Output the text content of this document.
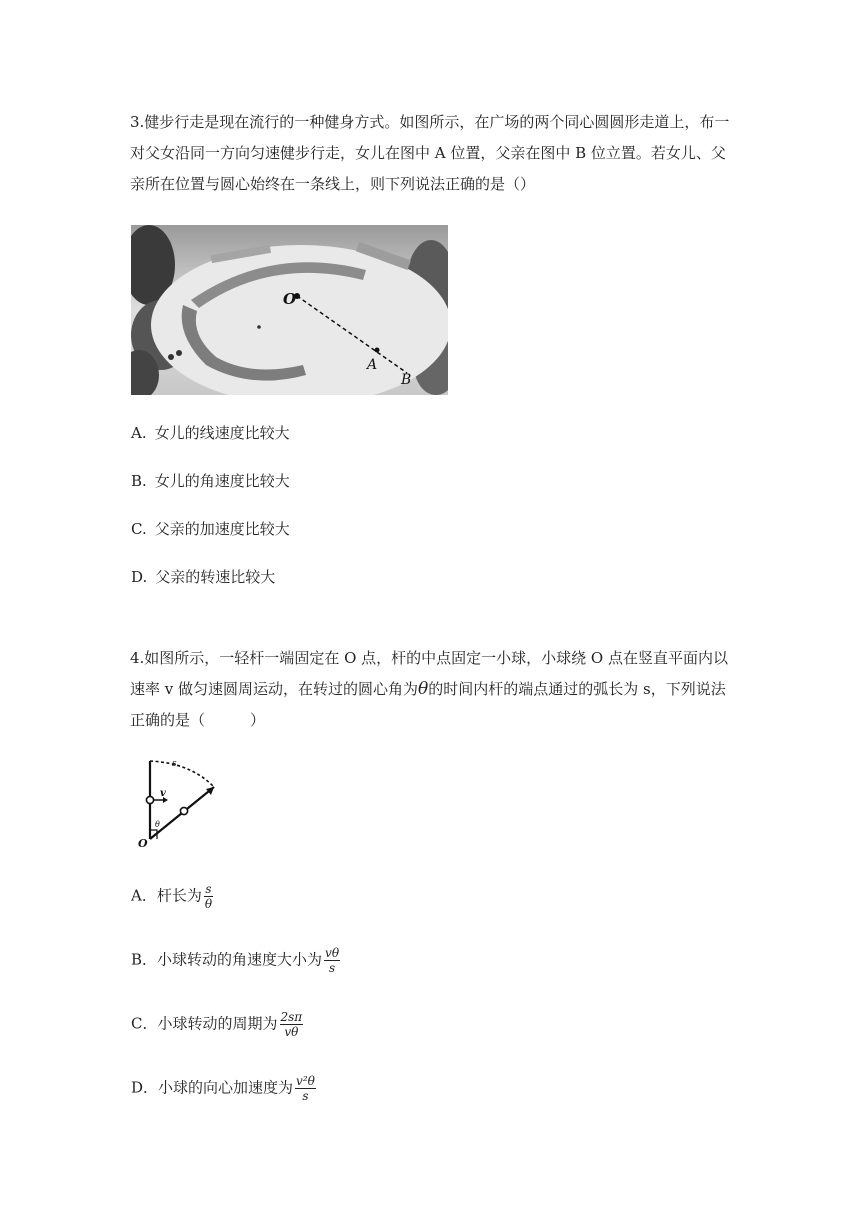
3.健步行走是现在流行的一种健身方式。如图所示，在广场的两个同心圆圆形走道上，布一对父女沿同一方向匀速健步行走，女儿在图中 A 位置，父亲在图中 B 位立置。若女儿、父亲所在位置与圆心始终在一条线上，则下列说法正确的是（）

O
A
B
A. 女儿的线速度比较大
B. 女儿的角速度比较大
C. 父亲的加速度比较大
D. 父亲的转速比较大

4.如图所示，一轻杆一端固定在 O 点，杆的中点固定一小球，小球绕 O 点在竖直平面内以速率 v 做匀速圆周运动，在转过的圆心角为θ的时间内杆的端点通过的弧长为 s，下列说法正确的是（　　　）

s
v
θ
O
A．杆长为 $\frac{s}{\theta}$
B．小球转动的角速度大小为 $\frac{v\theta}{s}$
C．小球转动的周期为 $\frac{2s\pi}{v\theta}$
D．小球的向心加速度为 $\frac{\text{v²θ}}{s}$
